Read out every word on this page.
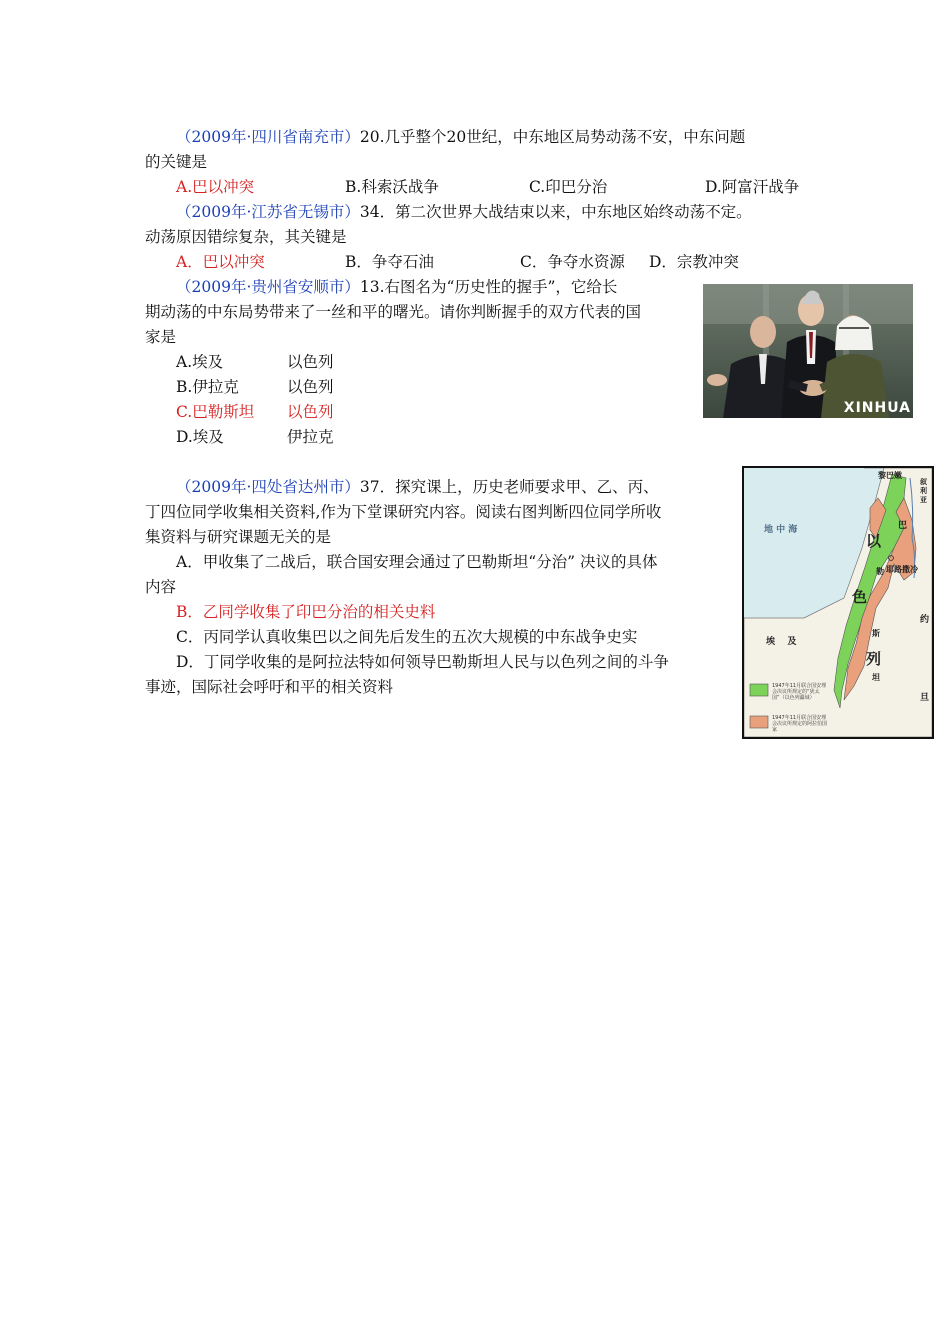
（2009年·四川省南充市）20.几乎整个20世纪，中东地区局势动荡不安，中东问题
的关键是
A.巴以冲突	B.科索沃战争	C.印巴分治	D.阿富汗战争
（2009年·江苏省无锡市）34．第二次世界大战结束以来，中东地区始终动荡不定。
动荡原因错综复杂，其关键是
A．巴以冲突	B．争夺石油	C．争夺水资源 D．宗教冲突
（2009年·贵州省安顺市）13.右图名为“历史性的握手”，它给长
期动荡的中东局势带来了一丝和平的曙光。请你判断握手的双方代表的国
家是
A.埃及	以色列
B.伊拉克	以色列
C.巴勒斯坦 以色列
D.埃及	伊拉克
XINHUA
（2009年·四处省达州市）37．探究课上，历史老师要求甲、乙、丙、
丁四位同学收集相关资料,作为下堂课研究内容。阅读右图判断四位同学所收
集资料与研究课题无关的是
A．甲收集了二战后，联合国安理会通过了巴勒斯坦“分治” 决议的具体
内容
B．乙同学收集了印巴分治的相关史料
C．丙同学认真收集巴以之间先后发生的五次大规模的中东战争史实
D．丁同学收集的是阿拉法特如何领导巴勒斯坦人民与以色列之间的斗争
事迹，国际社会呼吁和平的相关资料
黎巴嫩
叙利亚
地 中 海
以
色
列
巴
勒
斯
坦
耶路撒冷
约
旦
埃    及
1947年11月联合国安理会决议所规定的“犹太国”（以色列疆域）
1947年11月联合国安理会决议所规定的阿拉伯国家
